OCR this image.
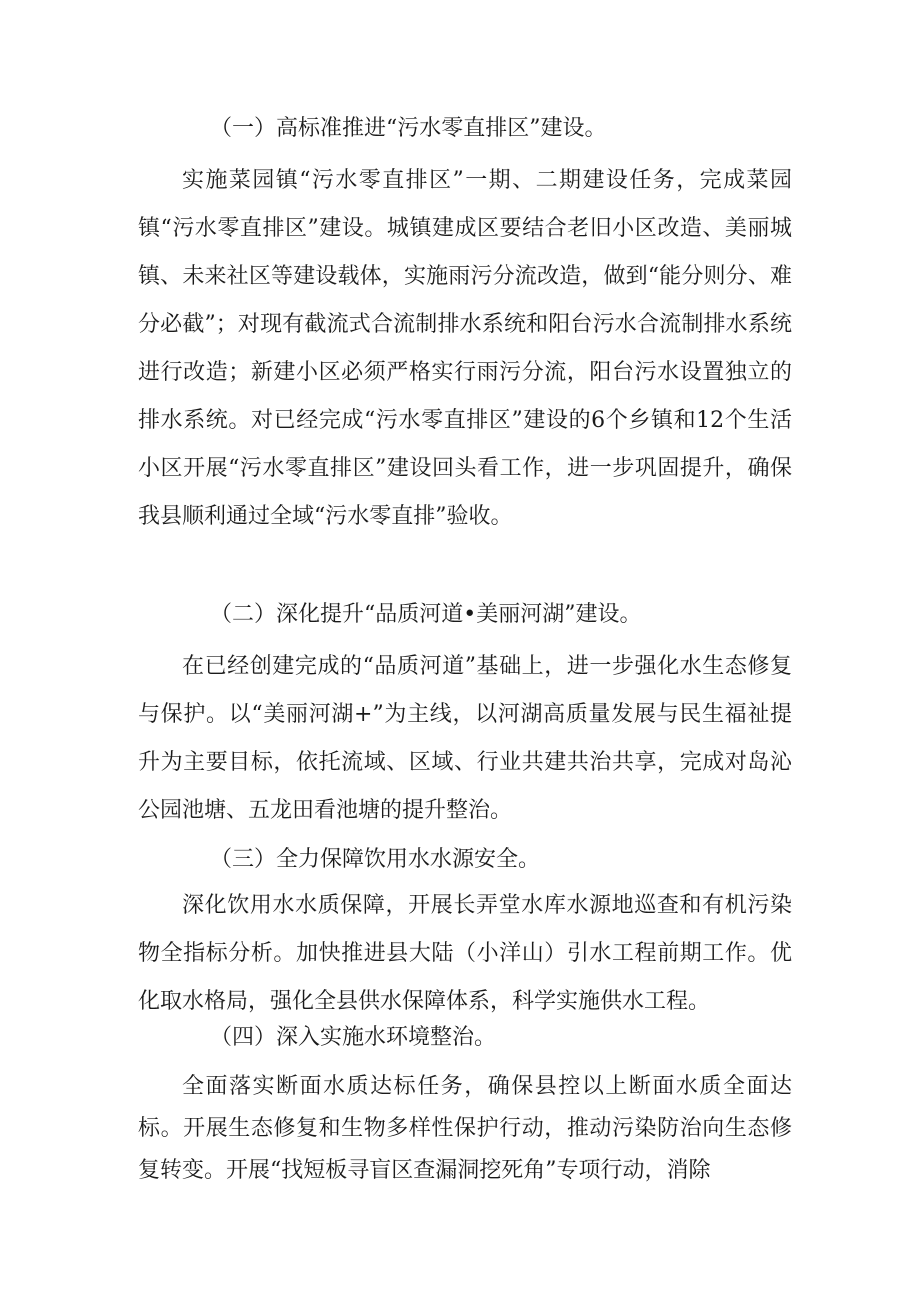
（一）高标准推进“污水零直排区”建设。
实施菜园镇“污水零直排区”一期、二期建设任务，完成菜园镇“污水零直排区”建设。城镇建成区要结合老旧小区改造、美丽城镇、未来社区等建设载体，实施雨污分流改造，做到“能分则分、难分必截”；对现有截流式合流制排水系统和阳台污水合流制排水系统进行改造；新建小区必须严格实行雨污分流，阳台污水设置独立的排水系统。对已经完成“污水零直排区”建设的6个乡镇和12个生活小区开展“污水零直排区”建设回头看工作，进一步巩固提升，确保我县顺利通过全域“污水零直排”验收。
（二）深化提升“品质河道•美丽河湖”建设。
在已经创建完成的“品质河道”基础上，进一步强化水生态修复与保护。以“美丽河湖+”为主线，以河湖高质量发展与民生福祉提升为主要目标，依托流域、区域、行业共建共治共享，完成对岛沁公园池塘、五龙田看池塘的提升整治。
（三）全力保障饮用水水源安全。
深化饮用水水质保障，开展长弄堂水库水源地巡查和有机污染物全指标分析。加快推进县大陆（小洋山）引水工程前期工作。优化取水格局，强化全县供水保障体系，科学实施供水工程。
（四）深入实施水环境整治。
全面落实断面水质达标任务，确保县控以上断面水质全面达标。开展生态修复和生物多样性保护行动，推动污染防治向生态修复转变。开展“找短板寻盲区查漏洞挖死角”专项行动，消除
